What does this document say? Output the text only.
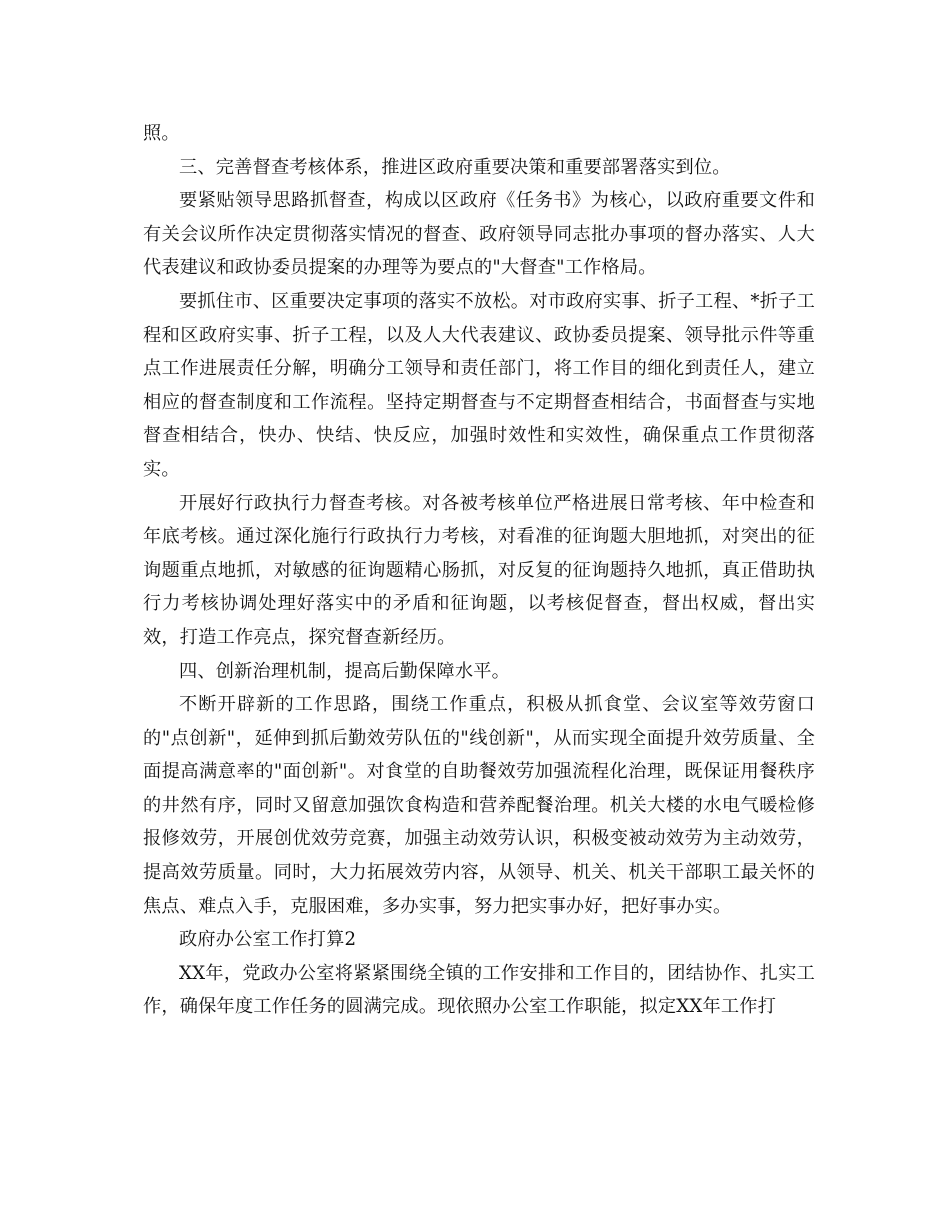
照。

三、完善督查考核体系，推进区政府重要决策和重要部署落实到位。

要紧贴领导思路抓督查，构成以区政府《任务书》为核心，以政府重要文件和有关会议所作决定贯彻落实情况的督查、政府领导同志批办事项的督办落实、人大代表建议和政协委员提案的办理等为要点的"大督查"工作格局。

要抓住市、区重要决定事项的落实不放松。对市政府实事、折子工程、*折子工程和区政府实事、折子工程，以及人大代表建议、政协委员提案、领导批示件等重点工作进展责任分解，明确分工领导和责任部门，将工作目的细化到责任人，建立相应的督查制度和工作流程。坚持定期督查与不定期督查相结合，书面督查与实地督查相结合，快办、快结、快反应，加强时效性和实效性，确保重点工作贯彻落实。

开展好行政执行力督查考核。对各被考核单位严格进展日常考核、年中检查和年底考核。通过深化施行行政执行力考核，对看准的征询题大胆地抓，对突出的征询题重点地抓，对敏感的征询题精心肠抓，对反复的征询题持久地抓，真正借助执行力考核协调处理好落实中的矛盾和征询题，以考核促督查，督出权威，督出实效，打造工作亮点，探究督查新经历。

四、创新治理机制，提高后勤保障水平。

不断开辟新的工作思路，围绕工作重点，积极从抓食堂、会议室等效劳窗口的"点创新"，延伸到抓后勤效劳队伍的"线创新"，从而实现全面提升效劳质量、全面提高满意率的"面创新"。对食堂的自助餐效劳加强流程化治理，既保证用餐秩序的井然有序，同时又留意加强饮食构造和营养配餐治理。机关大楼的水电气暖检修报修效劳，开展创优效劳竞赛，加强主动效劳认识，积极变被动效劳为主动效劳，提高效劳质量。同时，大力拓展效劳内容，从领导、机关、机关干部职工最关怀的焦点、难点入手，克服困难，多办实事，努力把实事办好，把好事办实。

政府办公室工作打算2

XX年，党政办公室将紧紧围绕全镇的工作安排和工作目的，团结协作、扎实工作，确保年度工作任务的圆满完成。现依照办公室工作职能，拟定XX年工作打
